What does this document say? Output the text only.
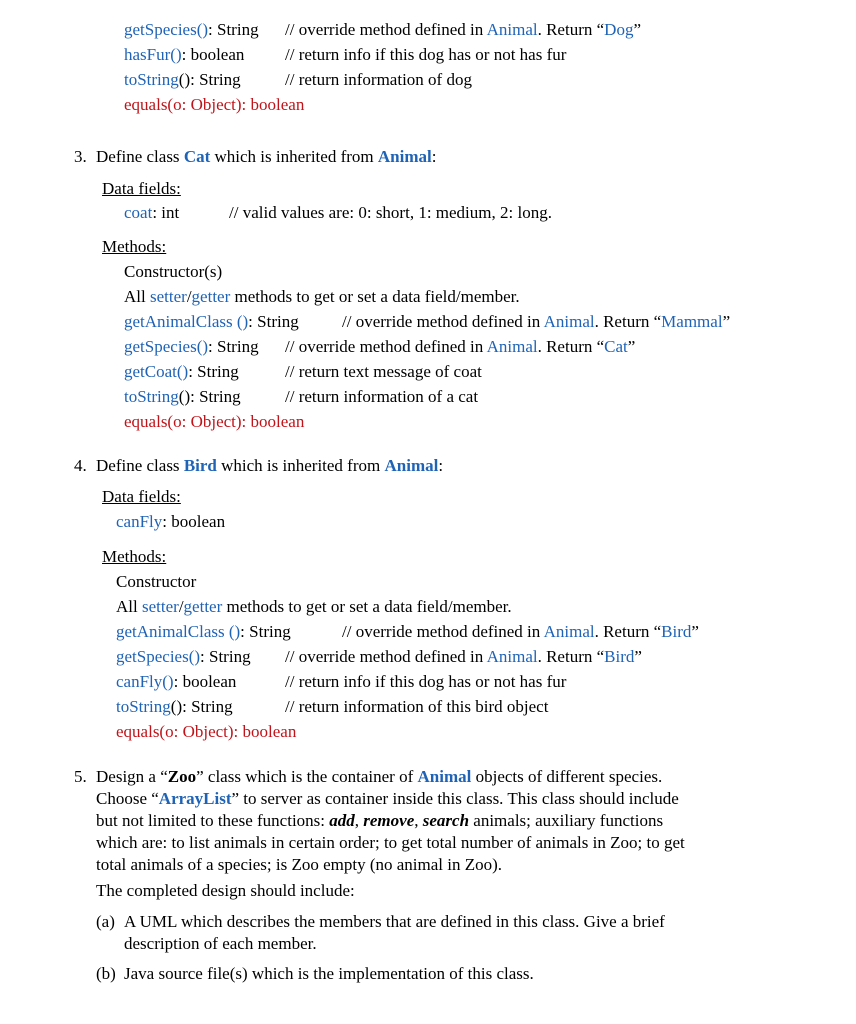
getSpecies(): String // override method defined in Animal. Return “Dog”
hasFur(): boolean // return info if this dog has or not has fur
toString(): String	// return information of dog
equals(o: Object): boolean
3. Define class Cat which is inherited from Animal:
Data fields:
coat: int	// valid values are: 0: short, 1: medium, 2: long.
Methods:
Constructor(s)
All setter/getter methods to get or set a data field/member.
getAnimalClass (): String	// override method defined in Animal. Return “Mammal”
getSpecies(): String // override method defined in Animal. Return “Cat”
getCoat(): String	// return text message of coat
toString(): String	// return information of a cat
equals(o: Object): boolean
4. Define class Bird which is inherited from Animal:
Data fields:
canFly: boolean
Methods:
Constructor
All setter/getter methods to get or set a data field/member.
getAnimalClass (): String	// override method defined in Animal. Return “Bird”
getSpecies(): String // override method defined in Animal. Return “Bird”
canFly(): boolean	// return info if this dog has or not has fur
toString(): String	// return information of this bird object
equals(o: Object): boolean
5. Design a “Zoo” class which is the container of Animal objects of different species.
Choose “ArrayList” to server as container inside this class. This class should include
but not limited to these functions: add, remove, search animals; auxiliary functions
which are: to list animals in certain order; to get total number of animals in Zoo; to get
total animals of a species; is Zoo empty (no animal in Zoo).
The completed design should include:
(a) A UML which describes the members that are defined in this class. Give a brief
description of each member.
(b) Java source file(s) which is the implementation of this class.
